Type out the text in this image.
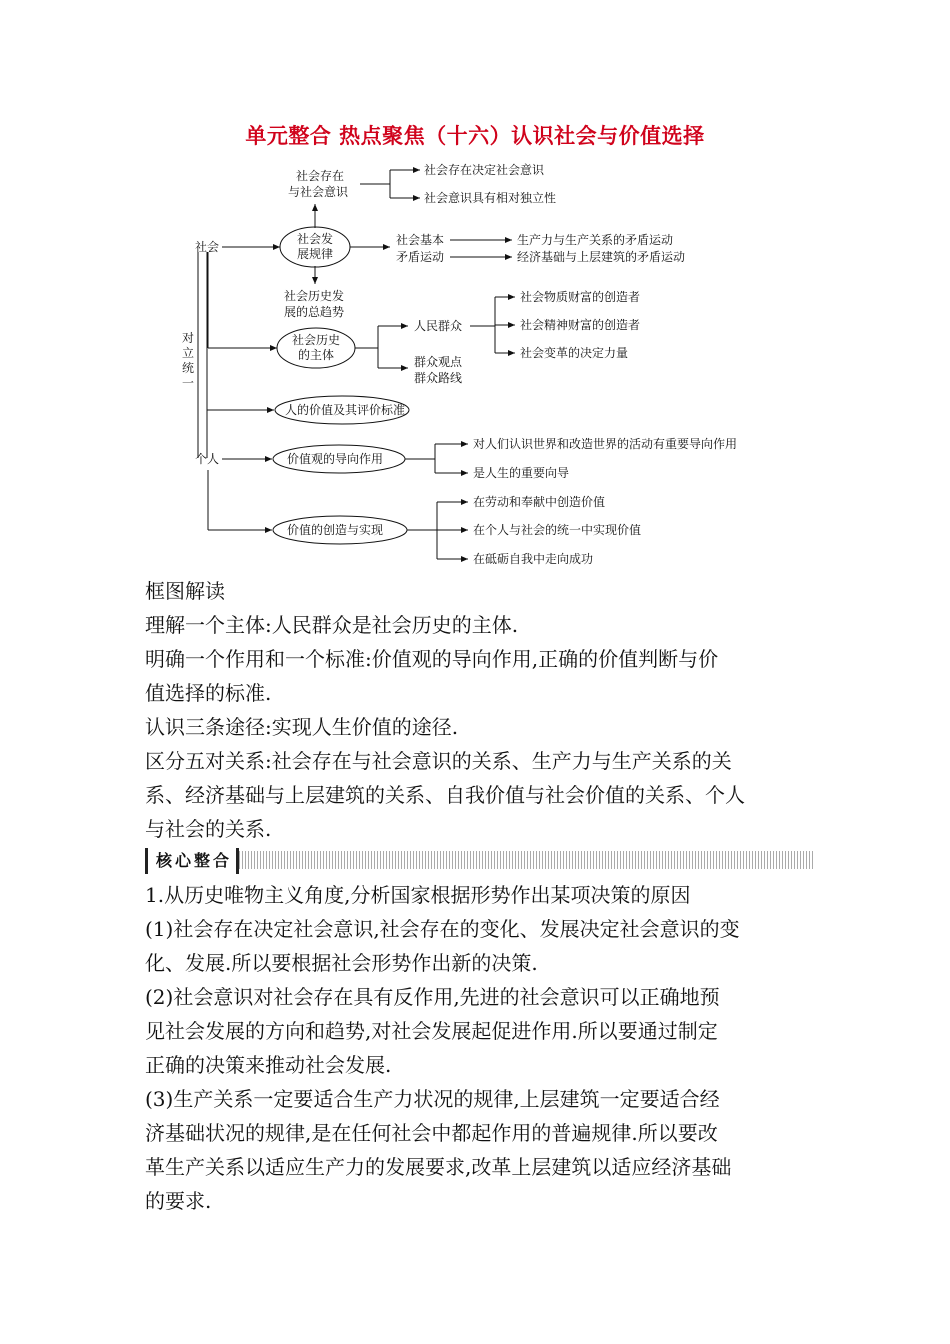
单元整合 热点聚焦（十六）认识社会与价值选择
社会
个人
对
立
统
一
社会存在
与社会意识
社会存在决定社会意识
社会意识具有相对独立性
社会发
展规律
社会基本
矛盾运动
生产力与生产关系的矛盾运动
经济基础与上层建筑的矛盾运动
社会历史发
展的总趋势
社会历史
的主体
人民群众
社会物质财富的创造者
社会精神财富的创造者
社会变革的决定力量
群众观点
群众路线
人的价值及其评价标准
价值观的导向作用
对人们认识世界和改造世界的活动有重要导向作用
是人生的重要向导
价值的创造与实现
在劳动和奉献中创造价值
在个人与社会的统一中实现价值
在砥砺自我中走向成功

框图解读

理解一个主体:人民群众是社会历史的主体.

明确一个作用和一个标准:价值观的导向作用,正确的价值判断与价

值选择的标准.

认识三条途径:实现人生价值的途径.

区分五对关系:社会存在与社会意识的关系、生产力与生产关系的关

系、经济基础与上层建筑的关系、自我价值与社会价值的关系、个人

与社会的关系.

核心整合

1.从历史唯物主义角度,分析国家根据形势作出某项决策的原因

(1)社会存在决定社会意识,社会存在的变化、发展决定社会意识的变

化、发展.所以要根据社会形势作出新的决策.

(2)社会意识对社会存在具有反作用,先进的社会意识可以正确地预

见社会发展的方向和趋势,对社会发展起促进作用.所以要通过制定

正确的决策来推动社会发展.

(3)生产关系一定要适合生产力状况的规律,上层建筑一定要适合经

济基础状况的规律,是在任何社会中都起作用的普遍规律.所以要改

革生产关系以适应生产力的发展要求,改革上层建筑以适应经济基础

的要求.
